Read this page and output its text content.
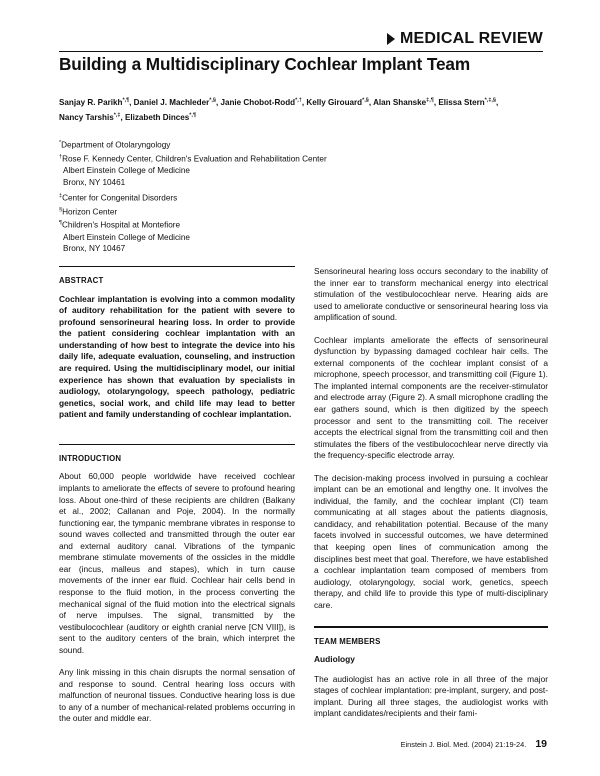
MEDICAL REVIEW
Building a Multidisciplinary Cochlear Implant Team
Sanjay R. Parikh*,¶, Daniel J. Machleder*,§, Janie Chobot-Rodd*,†, Kelly Girouard*,§, Alan Shanske‡,¶, Elissa Stern*,‡,§,
Nancy Tarshis*,‡, Elizabeth Dinces*,¶
*Department of Otolaryngology
†Rose F. Kennedy Center, Children's Evaluation and Rehabilitation Center
Albert Einstein College of Medicine
Bronx, NY 10461
‡Center for Congenital Disorders
§Horizon Center
¶Children's Hospital at Montefiore
Albert Einstein College of Medicine
Bronx, NY 10467
ABSTRACT

Cochlear implantation is evolving into a common modality of auditory rehabilitation for the patient with severe to profound sensorineural hearing loss. In order to provide the patient considering cochlear implantation with an understanding of how best to integrate the device into his daily life, adequate evaluation, counseling, and instruction are required. Using the multidisciplinary model, our initial experience has shown that evaluation by specialists in audiology, otolaryngology, speech pathology, pediatric genetics, social work, and child life may lead to better patient and family understanding of cochlear implantation.

INTRODUCTION

About 60,000 people worldwide have received cochlear implants to ameliorate the effects of severe to profound hearing loss. About one-third of these recipients are children (Balkany et al., 2002; Callanan and Poje, 2004). In the normally functioning ear, the tympanic membrane vibrates in response to sound waves collected and transmitted through the outer ear and external auditory canal. Vibrations of the tympanic membrane stimulate movements of the ossicles in the middle ear (incus, malleus and stapes), which in turn cause movements of the inner ear fluid. Cochlear hair cells bend in response to the fluid motion, in the process converting the mechanical signal of the fluid motion into the electrical signals of nerve impulses. The signal, transmitted by the vestibulocochlear (auditory or eighth cranial nerve [CN VIII]), is sent to the auditory centers of the brain, which interpret the sound.

Any link missing in this chain disrupts the normal sensation of and response to sound. Central hearing loss occurs with malfunction of neuronal tissues. Conductive hearing loss is due to any of a number of mechanical-related problems occurring in the outer and middle ear.

Sensorineural hearing loss occurs secondary to the inability of the inner ear to transform mechanical energy into electrical stimulation of the vestibulocochlear nerve. Hearing aids are used to ameliorate conductive or sensorineural hearing loss via amplification of sound.

Cochlear implants ameliorate the effects of sensorineural dysfunction by bypassing damaged cochlear hair cells. The external components of the cochlear implant consist of a microphone, speech processor, and transmitting coil (Figure 1). The implanted internal components are the receiver-stimulator and electrode array (Figure 2). A small microphone cradling the ear gathers sound, which is then digitized by the speech processor and sent to the transmitting coil. The receiver accepts the electrical signal from the transmitting coil and then stimulates the fibers of the vestibulocochlear nerve directly via the frequency-specific electrode array.

The decision-making process involved in pursuing a cochlear implant can be an emotional and lengthy one. It involves the individual, the family, and the cochlear implant (CI) team communicating at all stages about the patients diagnosis, candidacy, and rehabilitation potential. Because of the many facets involved in successful outcomes, we have determined that keeping open lines of communication among the disciplines best meet that goal. Therefore, we have established a cochlear implantation team composed of members from audiology, otolaryngology, social work, genetics, speech therapy, and child life to provide this type of multi-disciplinary care.

TEAM MEMBERS
Audiology

The audiologist has an active role in all three of the major stages of cochlear implantation: pre-implant, surgery, and post-implant. During all three stages, the audiologist works with implant candidates/recipients and their fami-

Einstein J. Biol. Med. (2004) 21:19-24. 19
